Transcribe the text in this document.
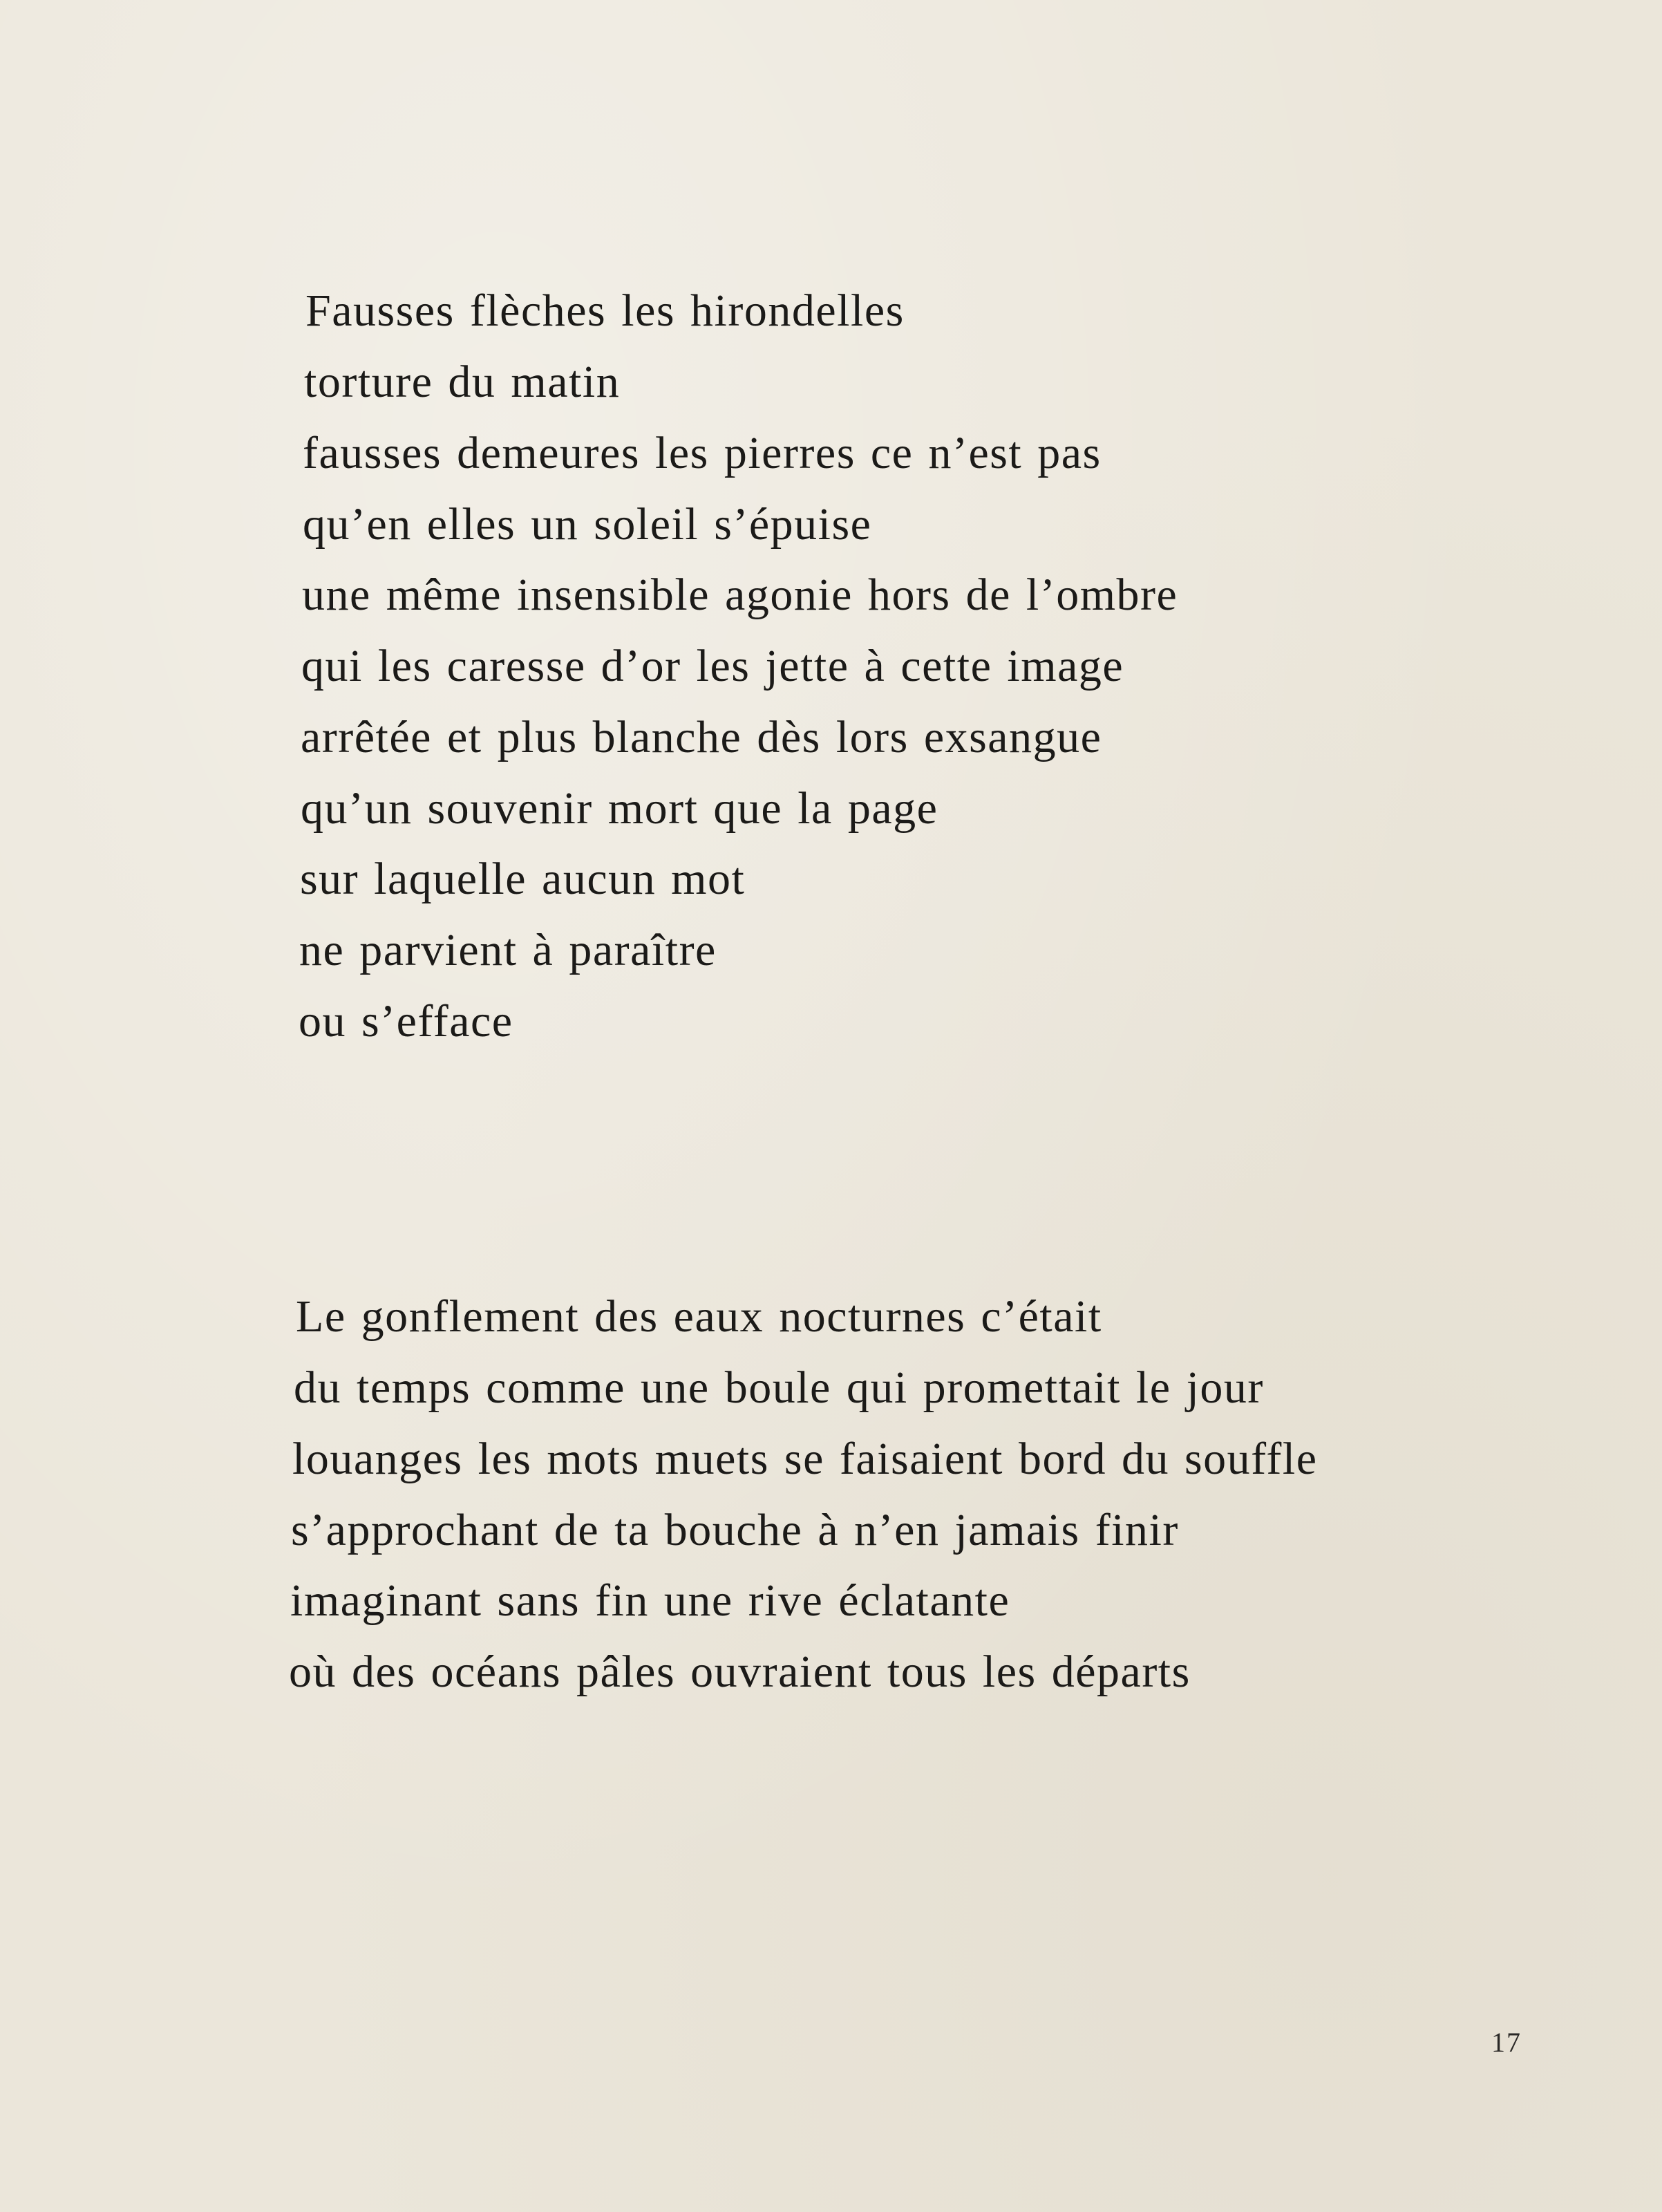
Fausses flèches les hirondelles
torture du matin
fausses demeures les pierres ce n’est pas
qu’en elles un soleil s’épuise
une même insensible agonie hors de l’ombre
qui les caresse d’or les jette à cette image
arrêtée et plus blanche dès lors exsangue
qu’un souvenir mort que la page
sur laquelle aucun mot
ne parvient à paraître
ou s’efface
Le gonflement des eaux nocturnes c’était
du temps comme une boule qui promettait le jour
louanges les mots muets se faisaient bord du souffle
s’approchant de ta bouche à n’en jamais finir
imaginant sans fin une rive éclatante
où des océans pâles ouvraient tous les départs
17
